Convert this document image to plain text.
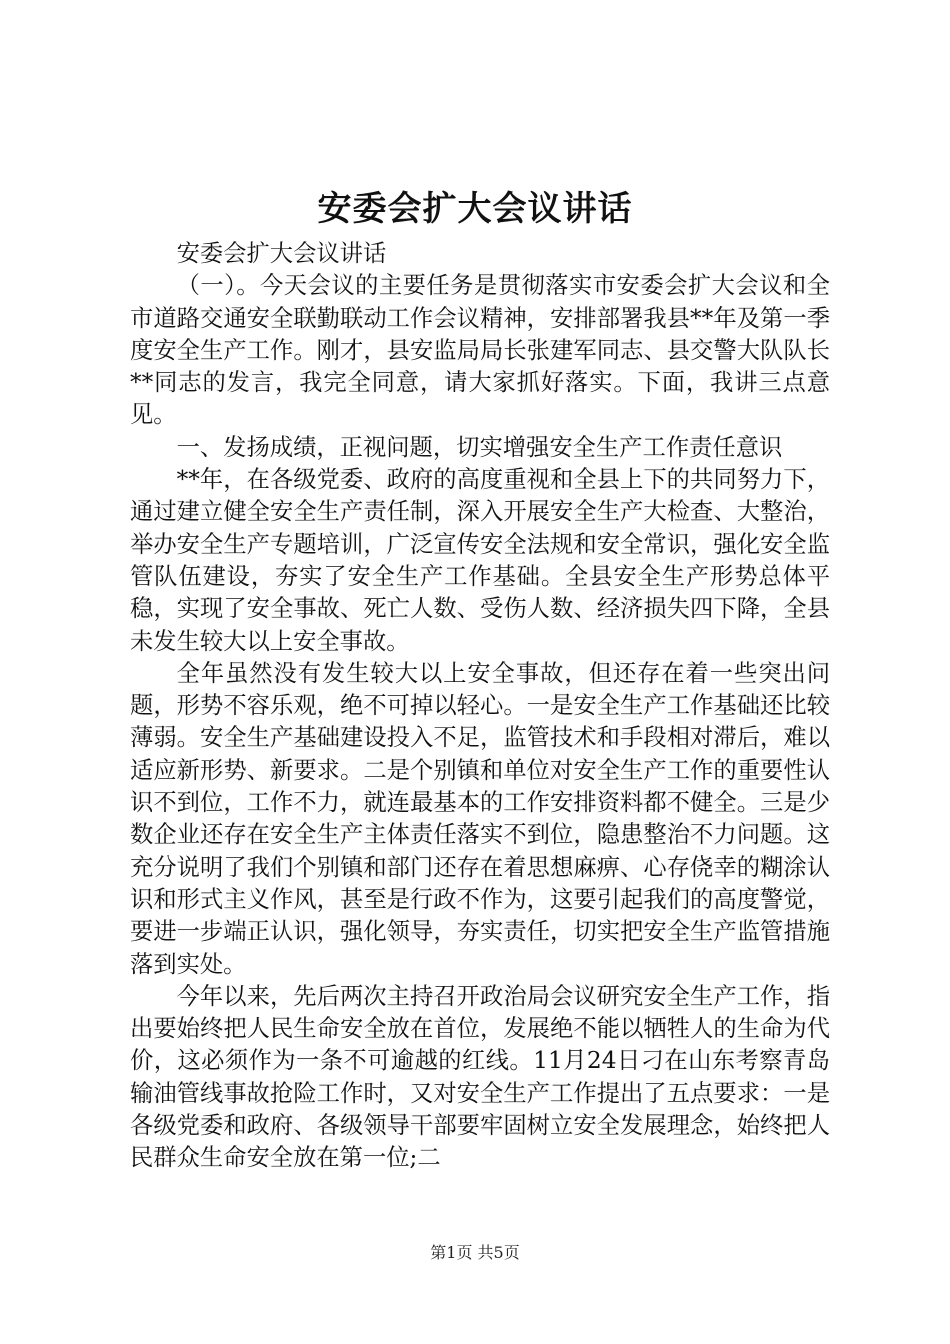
安委会扩大会议讲话

安委会扩大会议讲话

（一）。今天会议的主要任务是贯彻落实市安委会扩大会议和全市道路交通安全联勤联动工作会议精神，安排部署我县**年及第一季度安全生产工作。刚才，县安监局局长张建军同志、县交警大队队长**同志的发言，我完全同意，请大家抓好落实。下面，我讲三点意见。

一、发扬成绩，正视问题，切实增强安全生产工作责任意识

**年，在各级党委、政府的高度重视和全县上下的共同努力下，通过建立健全安全生产责任制，深入开展安全生产大检查、大整治，举办安全生产专题培训，广泛宣传安全法规和安全常识，强化安全监管队伍建设，夯实了安全生产工作基础。全县安全生产形势总体平稳，实现了安全事故、死亡人数、受伤人数、经济损失四下降，全县未发生较大以上安全事故。

全年虽然没有发生较大以上安全事故，但还存在着一些突出问题，形势不容乐观，绝不可掉以轻心。一是安全生产工作基础还比较薄弱。安全生产基础建设投入不足，监管技术和手段相对滞后，难以适应新形势、新要求。二是个别镇和单位对安全生产工作的重要性认识不到位，工作不力，就连最基本的工作安排资料都不健全。三是少数企业还存在安全生产主体责任落实不到位，隐患整治不力问题。这充分说明了我们个别镇和部门还存在着思想麻痹、心存侥幸的糊涂认识和形式主义作风，甚至是行政不作为，这要引起我们的高度警觉，要进一步端正认识，强化领导，夯实责任，切实把安全生产监管措施落到实处。

今年以来，先后两次主持召开政治局会议研究安全生产工作，指出要始终把人民生命安全放在首位，发展绝不能以牺牲人的生命为代价，这必须作为一条不可逾越的红线。11月24日刁在山东考察青岛输油管线事故抢险工作时，又对安全生产工作提出了五点要求：一是各级党委和政府、各级领导干部要牢固树立安全发展理念，始终把人民群众生命安全放在第一位;二

第1页 共5页
